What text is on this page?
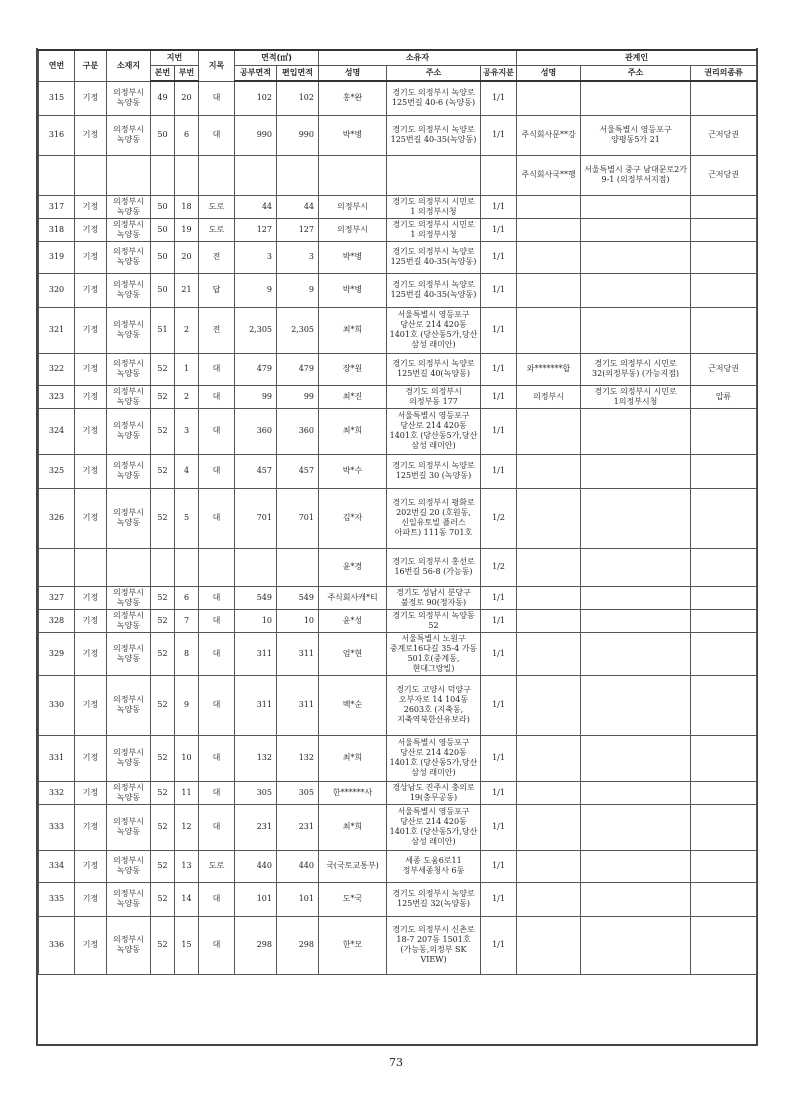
연번	구분	소재지	지번		지목	면적(㎡)		소유자			관계인		
			본번	부번		공부면적	편입면적	성명	주소	공유지분	성명	주소	권리의종류
315	기정	의정부시 녹양동	49	20	대	102	102	홍*완	경기도 의정부시 녹양로 125번길 40-6 (녹양동)	1/1			
316	기정	의정부시 녹양동	50	6	대	990	990	박*병	경기도 의정부시 녹양로 125번길 40-35(녹양동)	1/1	주식회사문**강	서울특별시 영등포구 양평동5가 21	근저당권
											주식회사국**행	서울특별시 중구 남대문로2가 9-1 (의정부서지점)	근저당권
317	기정	의정부시 녹양동	50	18	도로	44	44	의정부시	경기도 의정부시 시민로 1 의정부시청	1/1			
318	기정	의정부시 녹양동	50	19	도로	127	127	의정부시	경기도 의정부시 시민로 1 의정부시청	1/1			
319	기정	의정부시 녹양동	50	20	전	3	3	박*병	경기도 의정부시 녹양로 125번길 40-35(녹양동)	1/1			
320	기정	의정부시 녹양동	50	21	답	9	9	박*병	경기도 의정부시 녹양로 125번길 40-35(녹양동)	1/1			
321	기정	의정부시 녹양동	51	2	전	2,305	2,305	최*희	서울특별시 영등포구 당산로 214 420동 1401호 (당산동5가,당산 삼성 래미안)	1/1			
322	기정	의정부시 녹양동	52	1	대	479	479	장*원	경기도 의정부시 녹양로 125번길 40(녹양동)	1/1	와*******합	경기도 의정부시 시민로 32(의정부동) (가능지점)	근저당권
323	기정	의정부시 녹양동	52	2	대	99	99	최*진	경기도 의정부시 의정부동 177	1/1	의정부시	경기도 의정부시 시민로 1의정부시청	압류
324	기정	의정부시 녹양동	52	3	대	360	360	최*희	서울특별시 영등포구 당산로 214 420동 1401호 (당산동5가,당산 삼성 래미안)	1/1			
325	기정	의정부시 녹양동	52	4	대	457	457	박*수	경기도 의정부시 녹양로 125번길 30 (녹양동)	1/1			
326	기정	의정부시 녹양동	52	5	대	701	701	김*자	경기도 의정부시 평화로 202번길 20 (호원동,신일유토빌 플러스 아파트) 111동 701호	1/2			
								윤*경	경기도 의정부시 홍선로 16번길 56-8 (가능동)	1/2			
327	기정	의정부시 녹양동	52	6	대	549	549	주식회사캐*티	경기도 성남시 분당구 불정로 90(정자동)	1/1			
328	기정	의정부시 녹양동	52	7	대	10	10	윤*성	경기도 의정부시 녹양동 52	1/1			
329	기정	의정부시 녹양동	52	8	대	311	311	엄*현	서울특별시 노원구 중계로16다길 35-4 가동 501호(중계동,현대그랑빌)	1/1			
330	기정	의정부시 녹양동	52	9	대	311	311	백*순	경기도 고양시 덕양구 오부자로 14 104동 2603호 (지축동,지축역북한산유보라)	1/1			
331	기정	의정부시 녹양동	52	10	대	132	132	최*희	서울특별시 영등포구 당산로 214 420동 1401호 (당산동5가,당산 삼성 래미안)	1/1			
332	기정	의정부시 녹양동	52	11	대	305	305	한******사	경상남도 진주시 충의로 19(충무공동)	1/1			
333	기정	의정부시 녹양동	52	12	대	231	231	최*희	서울특별시 영등포구 당산로 214 420동 1401호 (당산동5가,당산 삼성 래미안)	1/1			
334	기정	의정부시 녹양동	52	13	도로	440	440	국(국토교통부)	세종 도움6로11 정부세종청사 6동	1/1			
335	기정	의정부시 녹양동	52	14	대	101	101	도*국	경기도 의정부시 녹양로 125번길 32(녹양동)	1/1			
336	기정	의정부시 녹양동	52	15	대	298	298	한*모	경기도 의정부시 신촌로 18-7 207동 1501호(가능동,의정부 SK VIEW)	1/1			
73
